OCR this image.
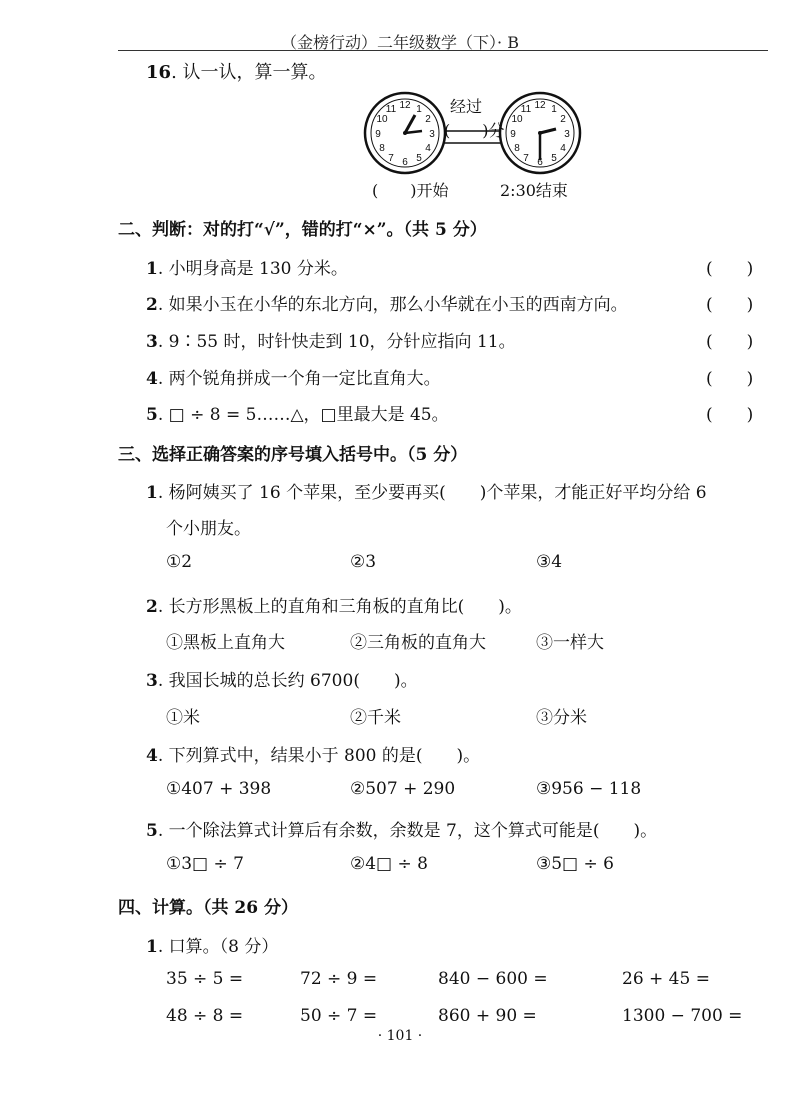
（金榜行动）二年级数学（下）· B
16. 认一认，算一算。
12 1
2
3
4
5
6
7
8
9
10
11	12 1
2
3
4
5
6
7
8
9
10
11
经过
(　　)分
(　　)开始	2:30结束
二、判断：对的打“√”，错的打“×”。（共 5 分）
1. 小明身高是 130 分米。	(　　)
2. 如果小玉在小华的东北方向，那么小华就在小玉的西南方向。	(　　)
3. 9∶55 时，时针快走到 10，分针应指向 11。	(　　)
4. 两个锐角拼成一个角一定比直角大。	(　　)
5. □ ÷ 8 = 5……△，□里最大是 45。	(　　)
三、选择正确答案的序号填入括号中。（5 分）
1. 杨阿姨买了 16 个苹果，至少要再买(　　)个苹果，才能正好平均分给 6
个小朋友。
①2	②3	③4
2. 长方形黑板上的直角和三角板的直角比(　　)。
①黑板上直角大	②三角板的直角大	③一样大
3. 我国长城的总长约 6700(　　)。
①米	②千米	③分米
4. 下列算式中，结果小于 800 的是(　　)。
①407 + 398	②507 + 290	③956 − 118
5. 一个除法算式计算后有余数，余数是 7，这个算式可能是(　　)。
①3□ ÷ 7	②4□ ÷ 8	③5□ ÷ 6
四、计算。（共 26 分）
1. 口算。（8 分）
35 ÷ 5 =	72 ÷ 9 =	840 − 600 =	26 + 45 =
48 ÷ 8 =	50 ÷ 7 =	860 + 90 =	1300 − 700 =
· 101 ·
